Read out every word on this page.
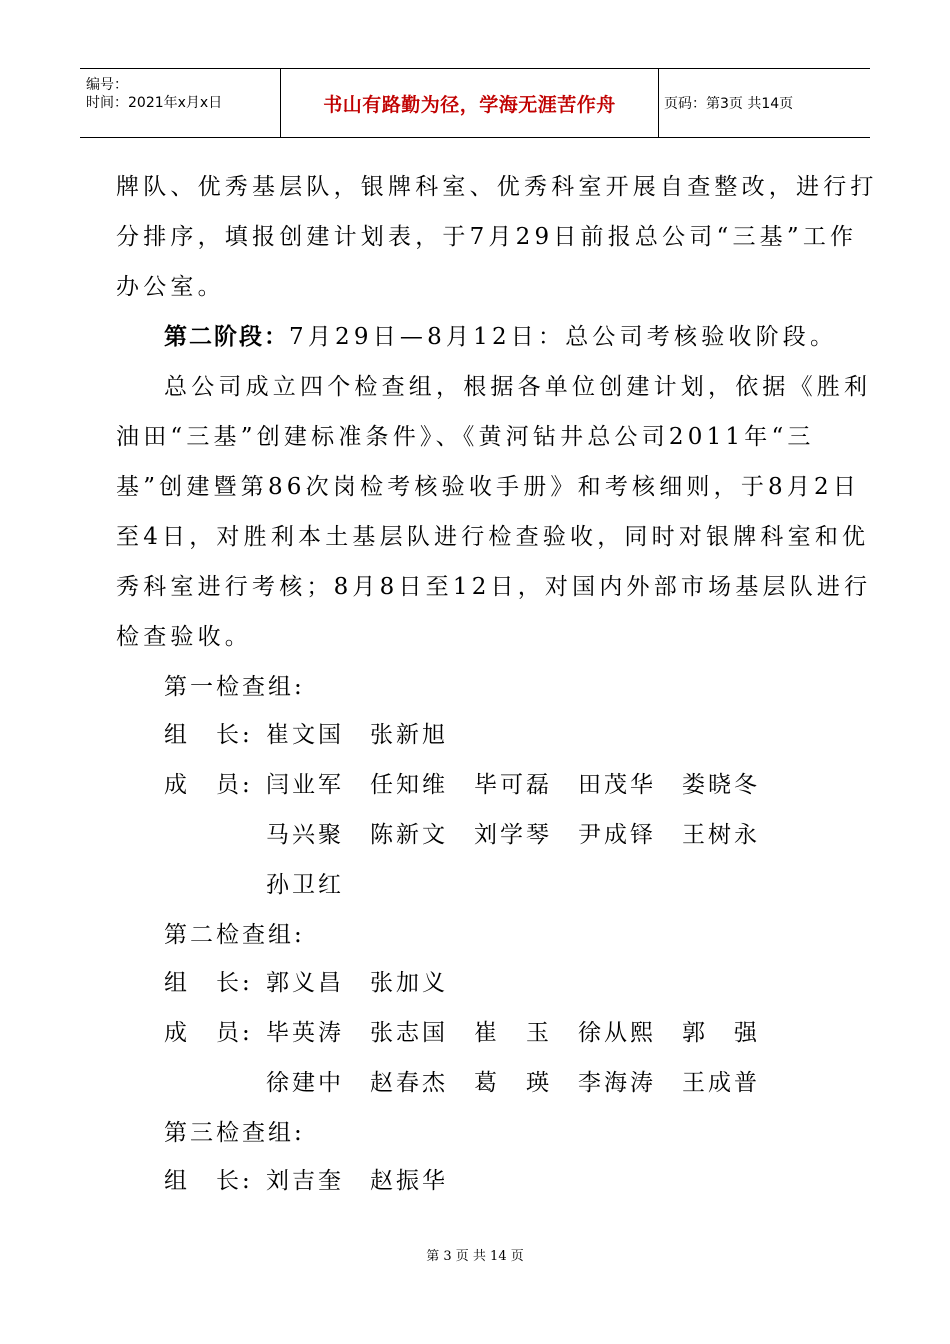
编号：
时间：2021年x月x日	书山有路勤为径，学海无涯苦作舟	页码：第3页 共14页
牌队、优秀基层队，银牌科室、优秀科室开展自查整改，进行打
分排序，填报创建计划表，于7月29日前报总公司“三基”工作
办公室。
第二阶段：7月29日—8月12日：总公司考核验收阶段。
总公司成立四个检查组，根据各单位创建计划，依据《胜利
油田“三基”创建标准条件》、《黄河钻井总公司2011年“三
基”创建暨第86次岗检考核验收手册》和考核细则，于8月2日
至4日，对胜利本土基层队进行检查验收，同时对银牌科室和优
秀科室进行考核；8月8日至12日，对国内外部市场基层队进行
检查验收。
第一检查组:
组　长: 崔文国　张新旭
成　员: 闫业军　任知维　毕可磊　田茂华　娄晓冬
马兴聚　陈新文　刘学琴　尹成铎　王树永
孙卫红
第二检查组:
组　长: 郭义昌　张加义
成　员: 毕英涛　张志国　崔　玉　徐从熙　郭　强
徐建中　赵春杰　葛　瑛　李海涛　王成普
第三检查组:
组　长: 刘吉奎　赵振华
第 3 页 共 14 页
